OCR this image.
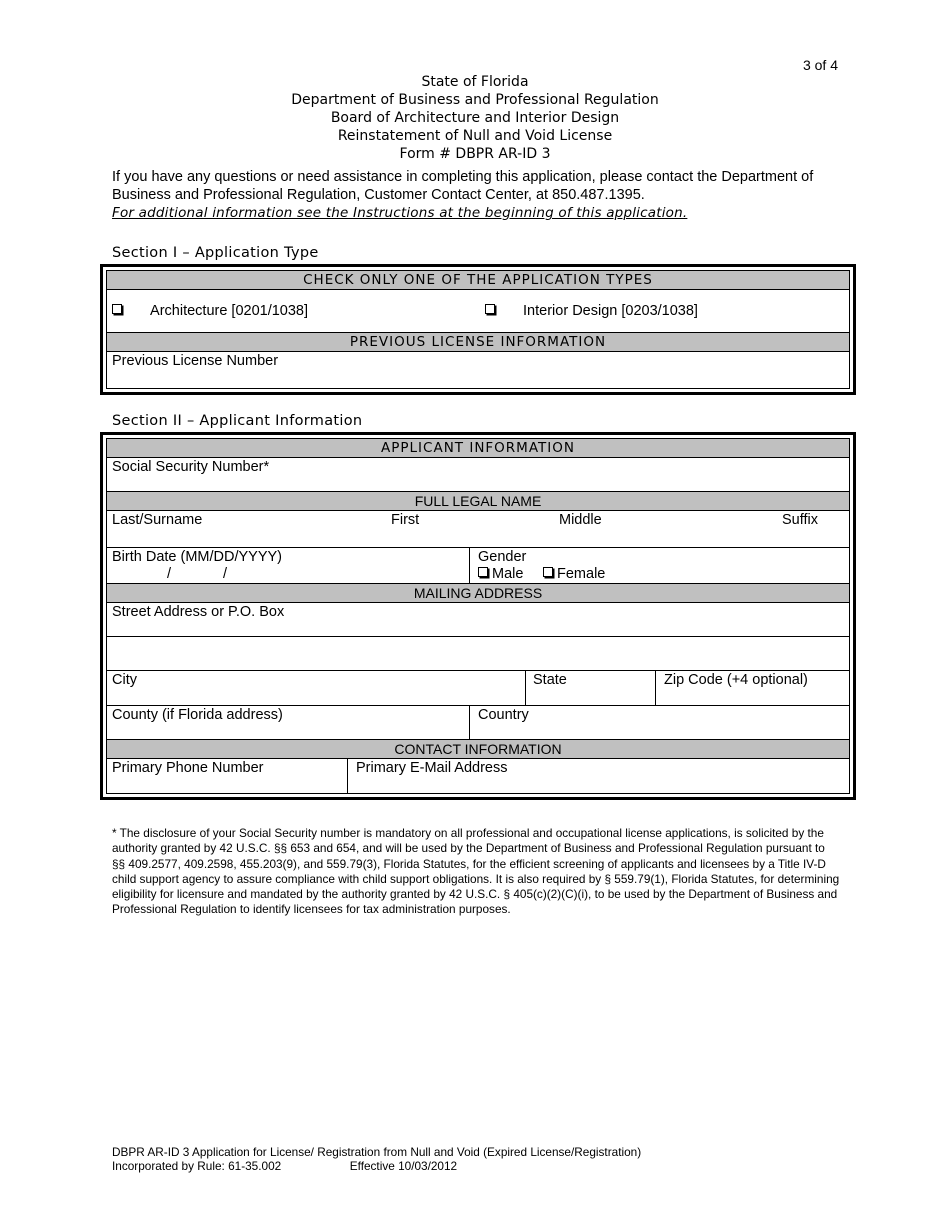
3 of 4
State of Florida
Department of Business and Professional Regulation
Board of Architecture and Interior Design
Reinstatement of Null and Void License
Form # DBPR AR-ID 3
If you have any questions or need assistance in completing this application, please contact the Department of Business and Professional Regulation, Customer Contact Center, at 850.487.1395.
For additional information see the Instructions at the beginning of this application.
Section I – Application Type
CHECK ONLY ONE OF THE APPLICATION TYPES
Architecture [0201/1038]	Interior Design [0203/1038]
PREVIOUS LICENSE INFORMATION
Previous License Number
Section II – Applicant Information
APPLICANT INFORMATION
Social Security Number*
FULL LEGAL NAME
Last/Surname	First	Middle	Suffix
Birth Date (MM/DD/YYYY)
/	/
Gender
Male	Female
MAILING ADDRESS
Street Address or P.O. Box
City	State	Zip Code (+4 optional)
County (if Florida address)	Country
CONTACT INFORMATION
Primary Phone Number	Primary E-Mail Address
* The disclosure of your Social Security number is mandatory on all professional and occupational license applications, is solicited by the authority granted by 42 U.S.C. §§ 653 and 654, and will be used by the Department of Business and Professional Regulation pursuant to §§ 409.2577, 409.2598, 455.203(9), and 559.79(3), Florida Statutes, for the efficient screening of applicants and licensees by a Title IV-D child support agency to assure compliance with child support obligations. It is also required by § 559.79(1), Florida Statutes, for determining eligibility for licensure and mandated by the authority granted by 42 U.S.C. § 405(c)(2)(C)(i), to be used by the Department of Business and Professional Regulation to identify licensees for tax administration purposes.
DBPR AR-ID 3 Application for License/ Registration from Null and Void (Expired License/Registration)
Incorporated by Rule: 61-35.002	Effective 10/03/2012
